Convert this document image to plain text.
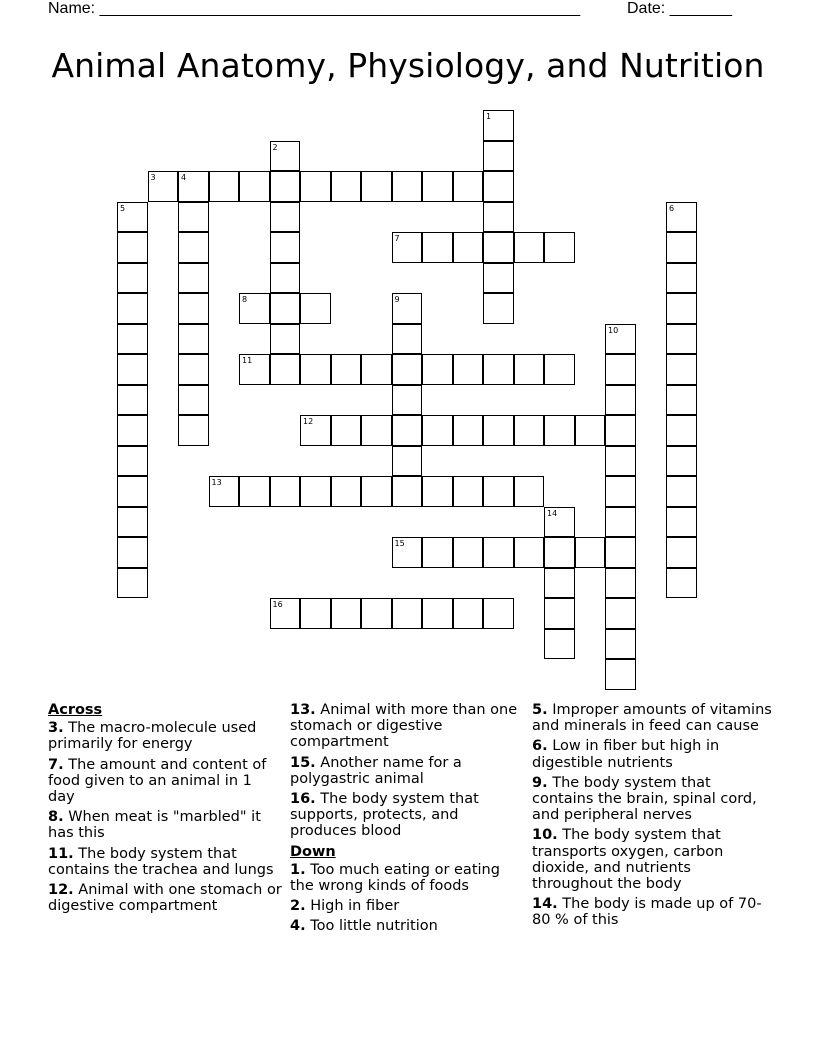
Name: ______________________________________________________	Date: _______
Animal Anatomy, Physiology, and Nutrition
1
2
3	4
5	6
7
8	9
10
11
12
13
14
15
16
Across
3. The macro-molecule used primarily for energy
7. The amount and content of food given to an animal in 1 day
8. When meat is "marbled" it has this
11. The body system that contains the trachea and lungs
12. Animal with one stomach or digestive compartment
13. Animal with more than one stomach or digestive compartment
15. Another name for a polygastric animal
16. The body system that supports, protects, and produces blood
Down
1. Too much eating or eating the wrong kinds of foods
2. High in fiber
4. Too little nutrition
5. Improper amounts of vitamins and minerals in feed can cause
6. Low in fiber but high in digestible nutrients
9. The body system that contains the brain, spinal cord, and peripheral nerves
10. The body system that transports oxygen, carbon dioxide, and nutrients throughout the body
14. The body is made up of 70-80 % of this
